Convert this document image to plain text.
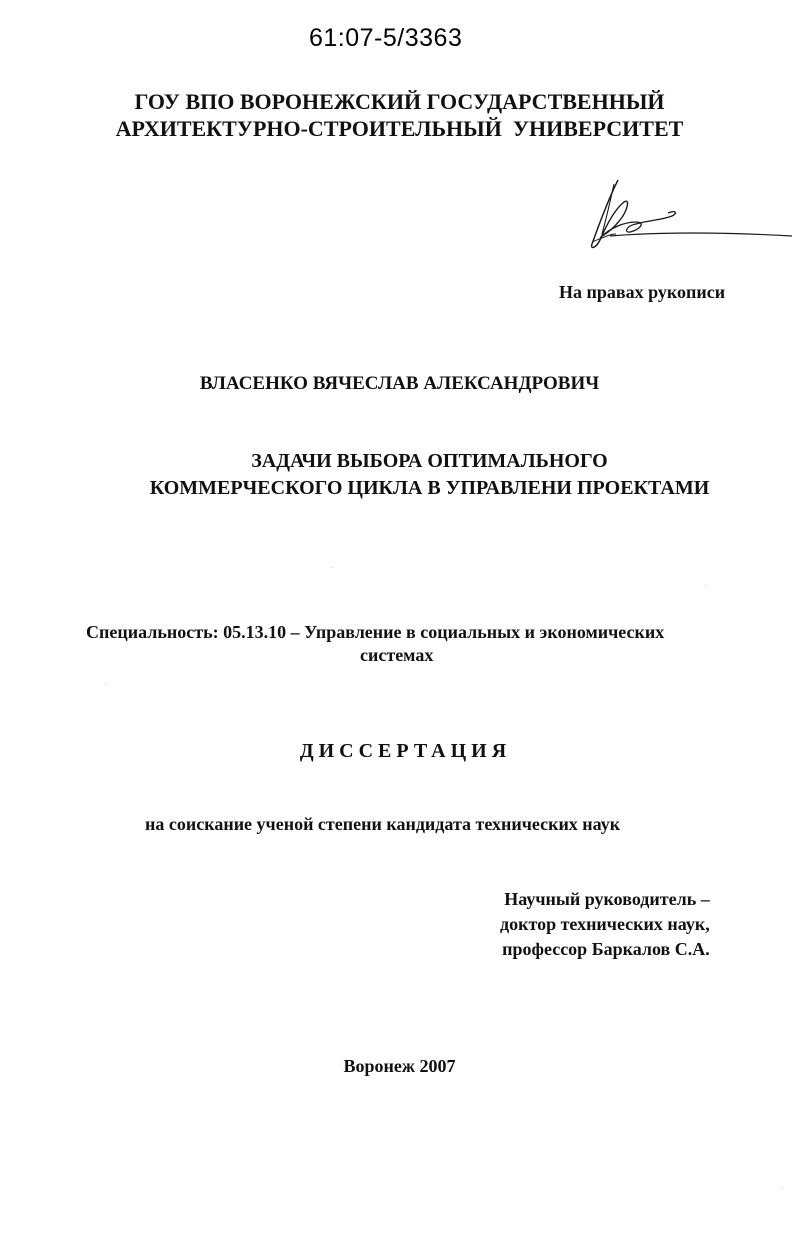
61:07-5/3363
ГОУ ВПО ВОРОНЕЖСКИЙ ГОСУДАРСТВЕННЫЙ
АРХИТЕКТУРНО-СТРОИТЕЛЬНЫЙ  УНИВЕРСИТЕТ
На правах рукописи
ВЛАСЕНКО ВЯЧЕСЛАВ АЛЕКСАНДРОВИЧ
ЗАДАЧИ ВЫБОРА ОПТИМАЛЬНОГО
КОММЕРЧЕСКОГО ЦИКЛА В УПРАВЛЕНИ ПРОЕКТАМИ
Специальность: 05.13.10 – Управление в социальных и экономических
системах
ДИССЕРТАЦИЯ
на соискание ученой степени кандидата технических наук
Научный руководитель –
доктор технических наук,
профессор Баркалов С.А.
Воронеж 2007
